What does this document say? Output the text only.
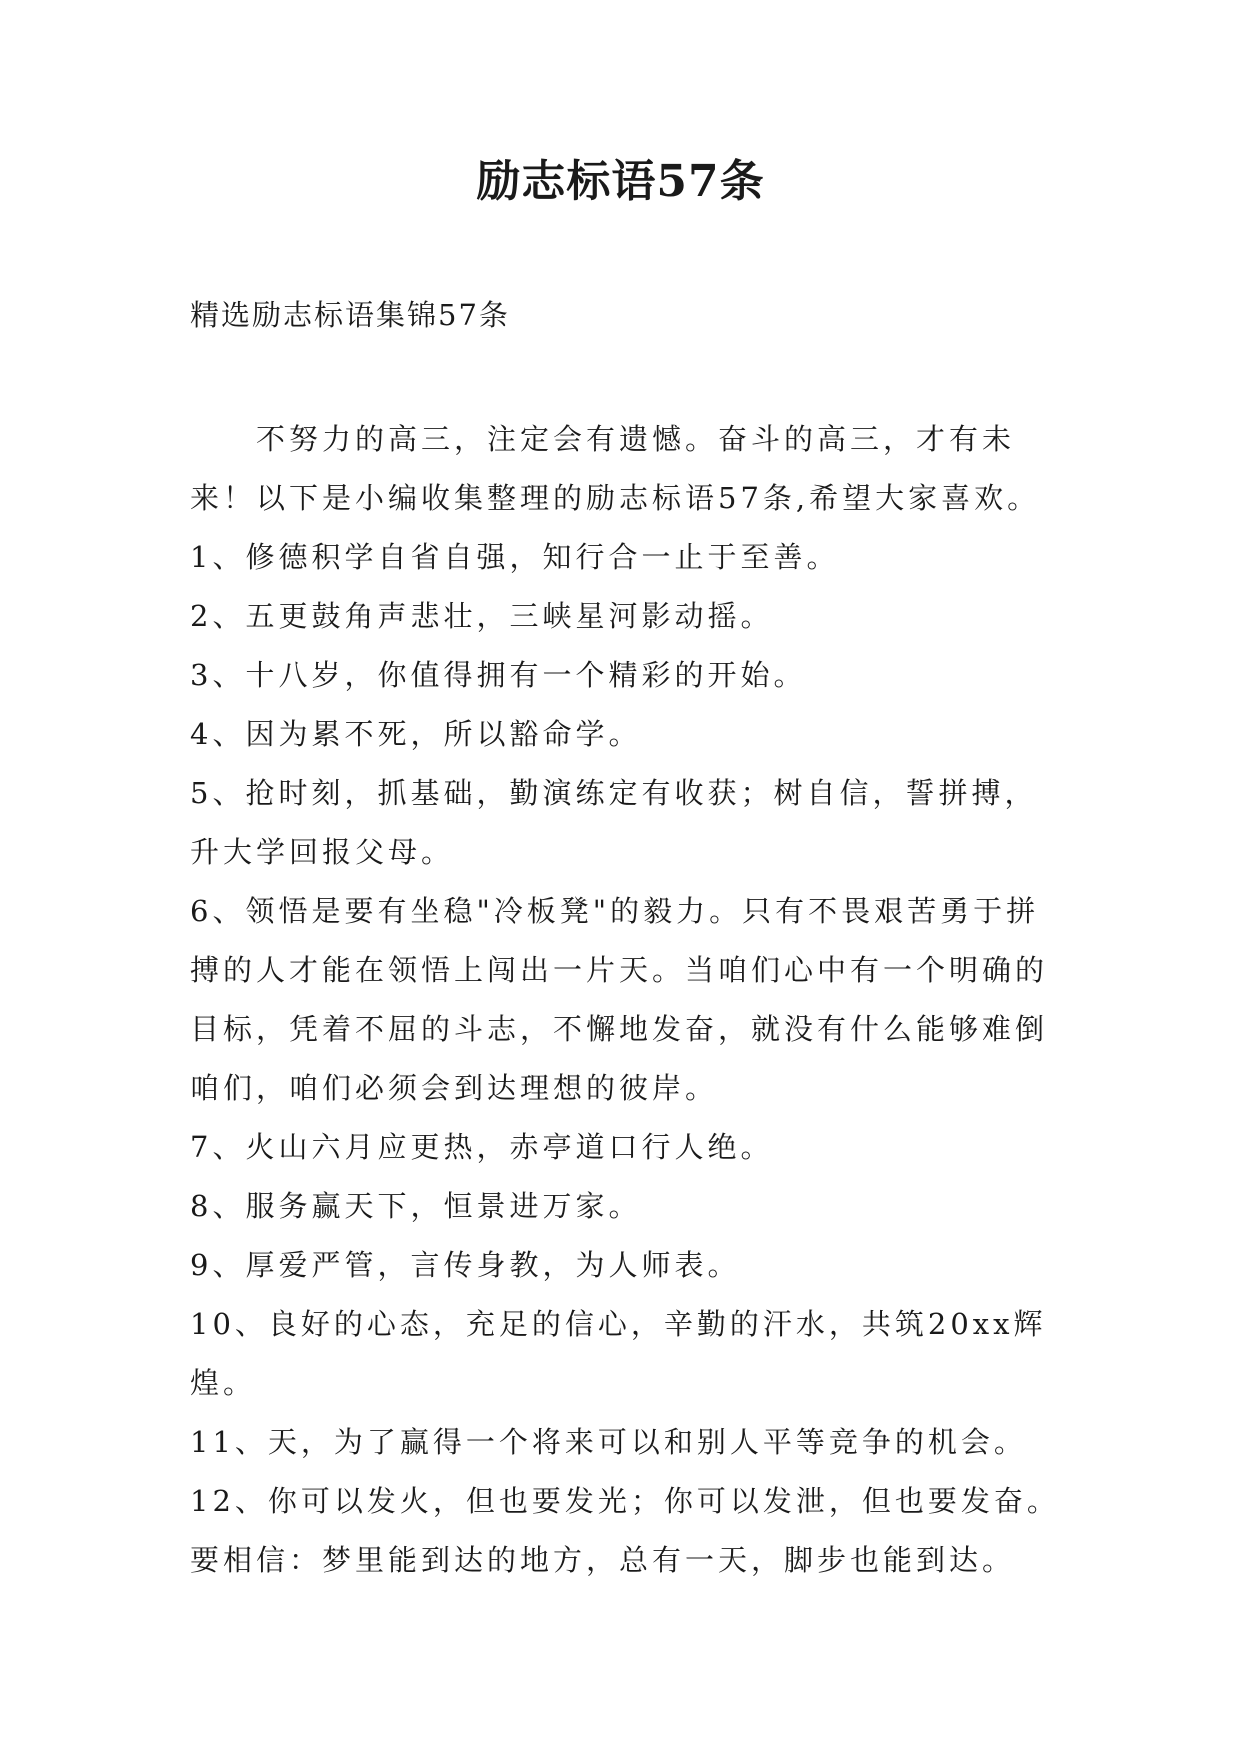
励志标语57条

精选励志标语集锦57条

不努力的高三，注定会有遗憾。奋斗的高三，才有未来！以下是小编收集整理的励志标语57条,希望大家喜欢。

1、修德积学自省自强，知行合一止于至善。

2、五更鼓角声悲壮，三峡星河影动摇。

3、十八岁，你值得拥有一个精彩的开始。

4、因为累不死，所以豁命学。

5、抢时刻，抓基础，勤演练定有收获；树自信，誓拼搏，升大学回报父母。

6、领悟是要有坐稳"冷板凳"的毅力。只有不畏艰苦勇于拼搏的人才能在领悟上闯出一片天。当咱们心中有一个明确的目标，凭着不屈的斗志，不懈地发奋，就没有什么能够难倒咱们，咱们必须会到达理想的彼岸。

7、火山六月应更热，赤亭道口行人绝。

8、服务赢天下，恒景进万家。

9、厚爱严管，言传身教，为人师表。

10、良好的心态，充足的信心，辛勤的汗水，共筑20xx辉煌。

11、天，为了赢得一个将来可以和别人平等竞争的机会。

12、你可以发火，但也要发光；你可以发泄，但也要发奋。要相信：梦里能到达的地方，总有一天，脚步也能到达。
